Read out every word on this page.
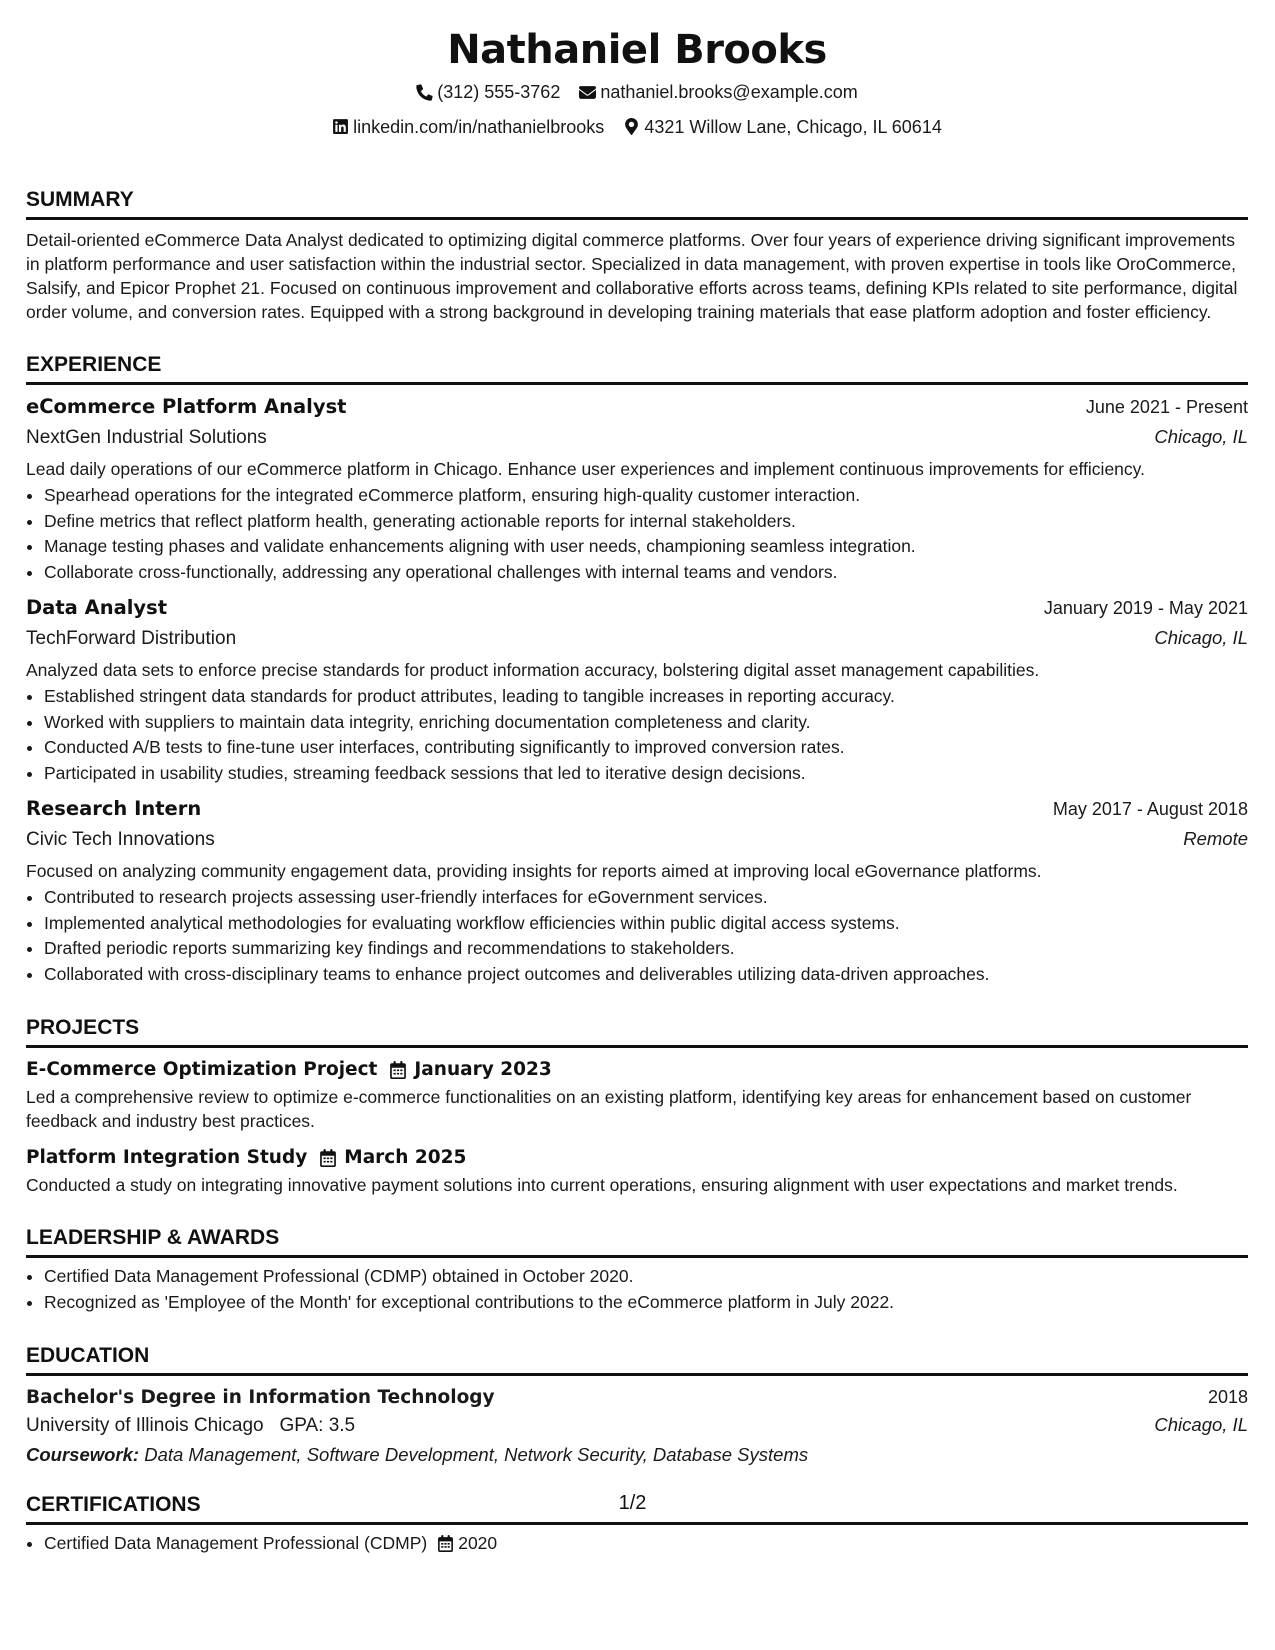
Nathaniel Brooks
(312) 555-3762
nathaniel.brooks@example.com
linkedin.com/in/nathanielbrooks
4321 Willow Lane, Chicago, IL 60614
SUMMARY
Detail-oriented eCommerce Data Analyst dedicated to optimizing digital commerce platforms. Over four years of experience driving significant improvements in platform performance and user satisfaction within the industrial sector. Specialized in data management, with proven expertise in tools like OroCommerce, Salsify, and Epicor Prophet 21. Focused on continuous improvement and collaborative efforts across teams, defining KPIs related to site performance, digital order volume, and conversion rates. Equipped with a strong background in developing training materials that ease platform adoption and foster efficiency.
EXPERIENCE
eCommerce Platform Analyst	June 2021 - Present
NextGen Industrial Solutions	Chicago, IL
Lead daily operations of our eCommerce platform in Chicago. Enhance user experiences and implement continuous improvements for efficiency.
• Spearhead operations for the integrated eCommerce platform, ensuring high-quality customer interaction.
• Define metrics that reflect platform health, generating actionable reports for internal stakeholders.
• Manage testing phases and validate enhancements aligning with user needs, championing seamless integration.
• Collaborate cross-functionally, addressing any operational challenges with internal teams and vendors.
Data Analyst	January 2019 - May 2021
TechForward Distribution	Chicago, IL
Analyzed data sets to enforce precise standards for product information accuracy, bolstering digital asset management capabilities.
• Established stringent data standards for product attributes, leading to tangible increases in reporting accuracy.
• Worked with suppliers to maintain data integrity, enriching documentation completeness and clarity.
• Conducted A/B tests to fine-tune user interfaces, contributing significantly to improved conversion rates.
• Participated in usability studies, streaming feedback sessions that led to iterative design decisions.
Research Intern	May 2017 - August 2018
Civic Tech Innovations	Remote
Focused on analyzing community engagement data, providing insights for reports aimed at improving local eGovernance platforms.
• Contributed to research projects assessing user-friendly interfaces for eGovernment services.
• Implemented analytical methodologies for evaluating workflow efficiencies within public digital access systems.
• Drafted periodic reports summarizing key findings and recommendations to stakeholders.
• Collaborated with cross-disciplinary teams to enhance project outcomes and deliverables utilizing data-driven approaches.
PROJECTS
E-Commerce Optimization Project January 2023
Led a comprehensive review to optimize e-commerce functionalities on an existing platform, identifying key areas for enhancement based on customer feedback and industry best practices.
Platform Integration Study March 2025
Conducted a study on integrating innovative payment solutions into current operations, ensuring alignment with user expectations and market trends.
LEADERSHIP & AWARDS
• Certified Data Management Professional (CDMP) obtained in October 2020.
• Recognized as 'Employee of the Month' for exceptional contributions to the eCommerce platform in July 2022.
EDUCATION
Bachelor's Degree in Information Technology	2018
University of Illinois Chicago GPA: 3.5	Chicago, IL
Coursework: Data Management, Software Development, Network Security, Database Systems
CERTIFICATIONS
• Certified Data Management Professional (CDMP) 2020
1/2
